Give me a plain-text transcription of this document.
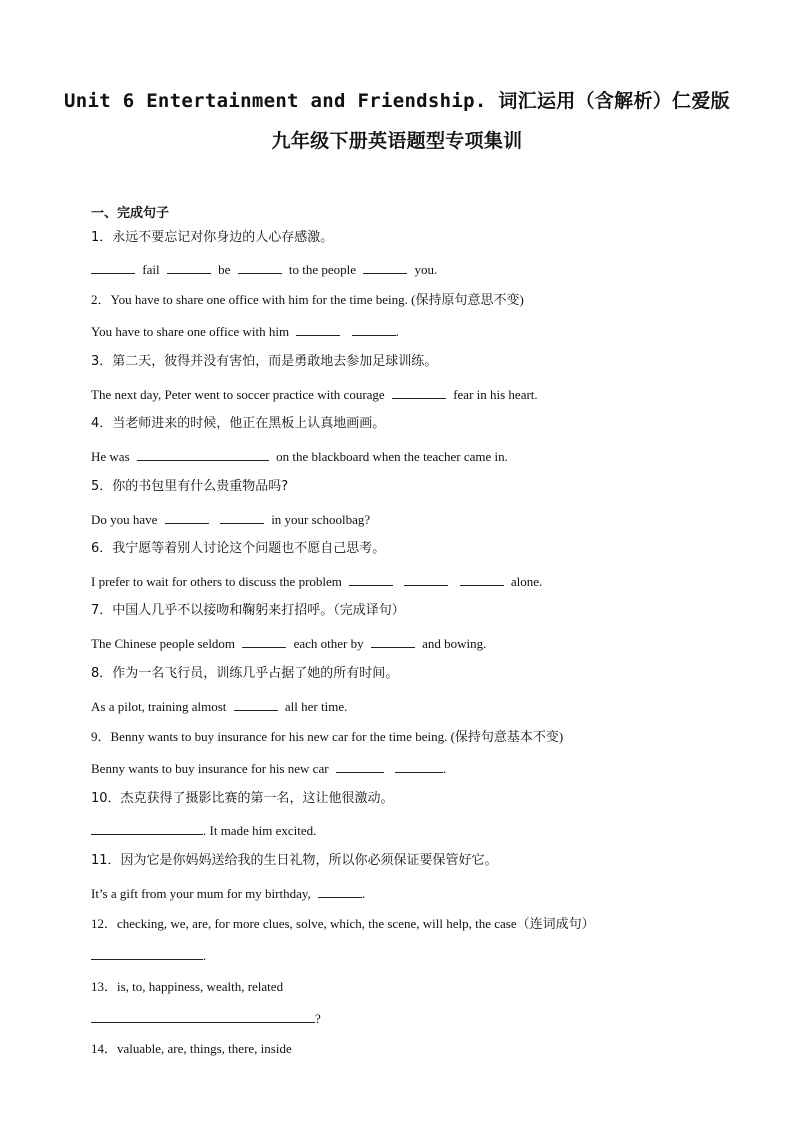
Unit 6 Entertainment and Friendship. 词汇运用（含解析）仁爱版
九年级下册英语题型专项集训
一、完成句子
1．永远不要忘记对你身边的人心存感激。
fail	be	to the people	you.
2．You have to share one office with him for the time being. (保持原句意思不变)
You have to share one office with him	.
3．第二天，彼得并没有害怕，而是勇敢地去参加足球训练。
The next day, Peter went to soccer practice with courage	fear in his heart.
4．当老师进来的时候，他正在黑板上认真地画画。
He was	on the blackboard when the teacher came in.
5．你的书包里有什么贵重物品吗?
Do you have	in your schoolbag?
6．我宁愿等着别人讨论这个问题也不愿自己思考。
I prefer to wait for others to discuss the problem	alone.
7．中国人几乎不以接吻和鞠躬来打招呼。（完成译句）
The Chinese people seldom	each other by	and bowing.
8．作为一名飞行员，训练几乎占据了她的所有时间。
As a pilot, training almost	all her time.
9．Benny wants to buy insurance for his new car for the time being. (保持句意基本不变)
Benny wants to buy insurance for his new car	.
10．杰克获得了摄影比赛的第一名，这让他很激动。
. It made him excited.
11．因为它是你妈妈送给我的生日礼物，所以你必须保证要保管好它。
It’s a gift from your mum for my birthday,	.
12．checking, we, are, for more clues, solve, which, the scene, will help, the case（连词成句）
.
13．is, to, happiness, wealth, related
?
14．valuable, are, things, there, inside
